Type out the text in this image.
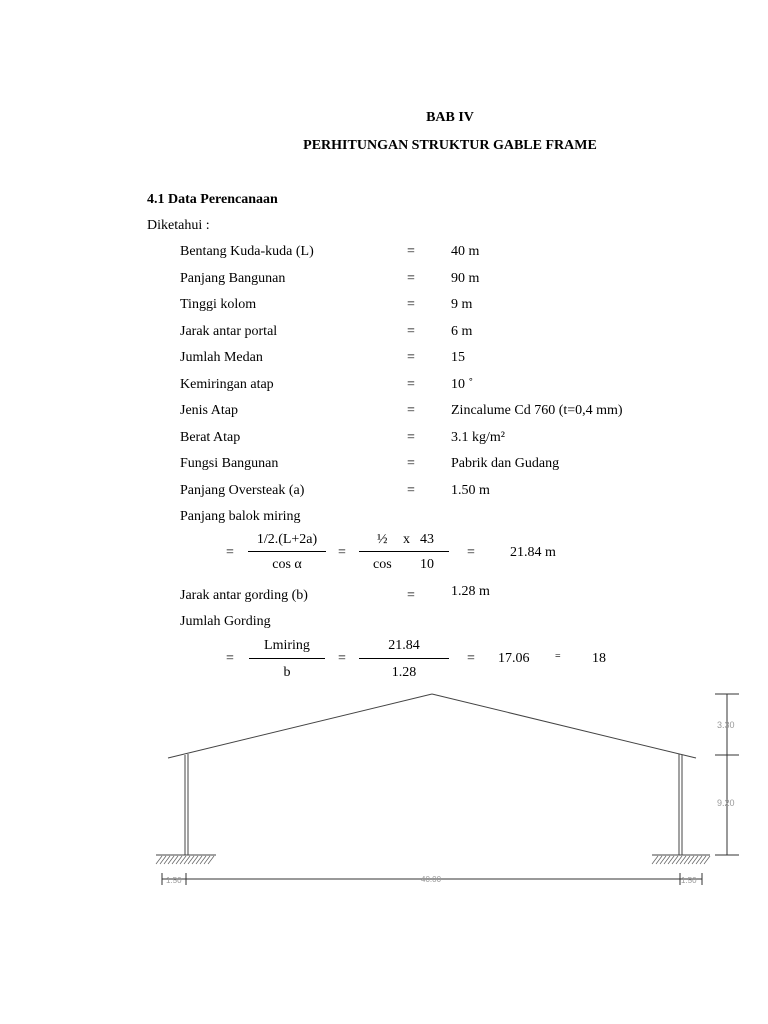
BAB IV
PERHITUNGAN STRUKTUR GABLE FRAME
4.1 Data Perencanaan
Diketahui :
Bentang Kuda-kuda (L)	=	40 m
Panjang Bangunan	=	90 m
Tinggi kolom	=	9 m
Jarak antar portal	=	6 m
Jumlah Medan	=	15
Kemiringan atap	=	10 ˚
Jenis Atap	=	Zincalume Cd 760 (t=0,4 mm)
Berat Atap	=	3.1 kg/m²
Fungsi Bangunan	=	Pabrik dan Gudang
Panjang Oversteak (a)	=	1.50 m
Panjang balok miring
=
1/2.(L+2a)
cos α
=
½ x 43
cos 10
=	21.84 m
Jarak antar gording (b)	=	1.28 m
Jumlah Gording
=
Lmiring
b
=
21.84
1.28
= 17.06	= 18
3.30
9.20
1.50	40.00	1.50
